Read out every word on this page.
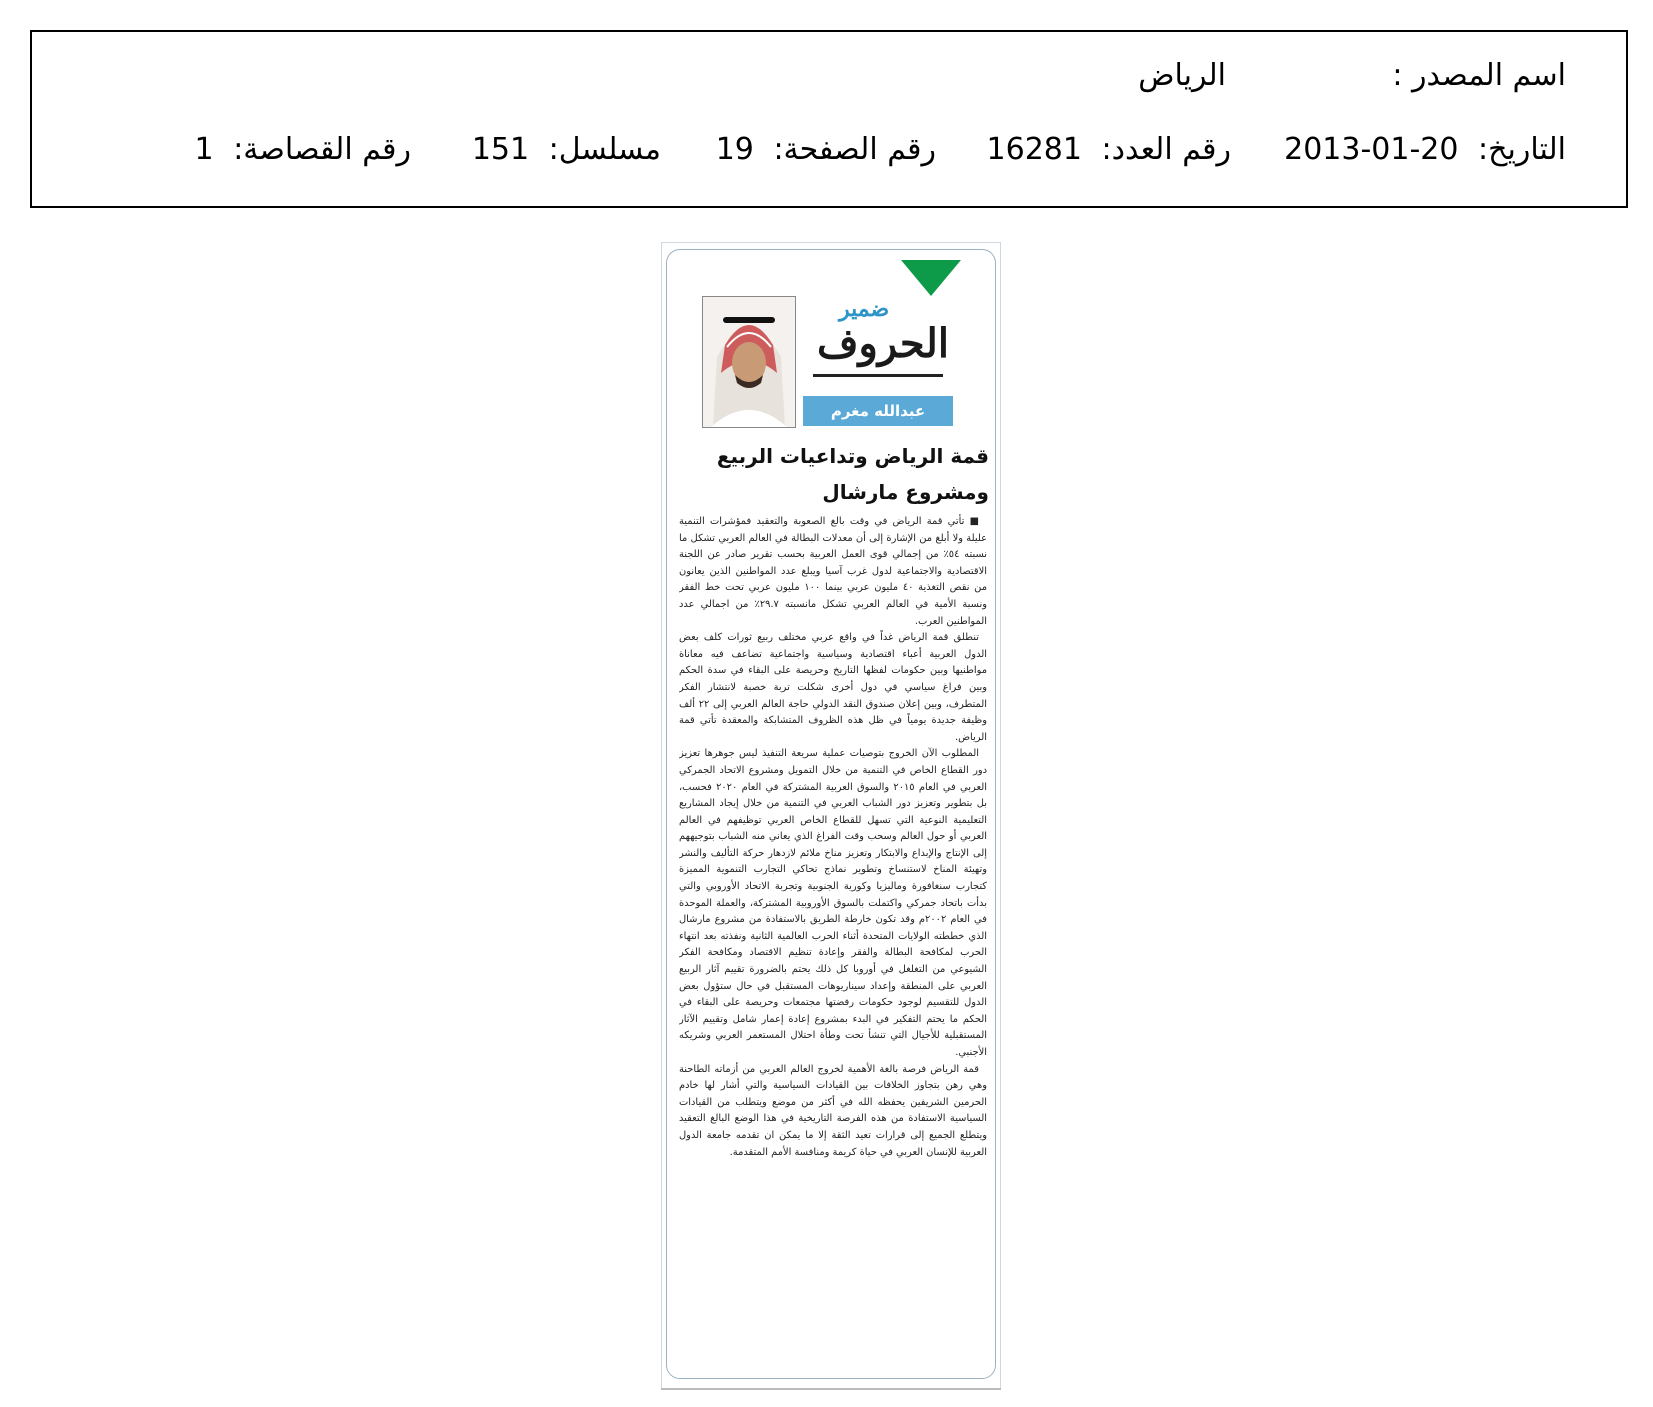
اسم المصدر :
الرياض
التاريخ: 2013-01-20
رقم العدد: 16281
رقم الصفحة: 19
مسلسل: 151
رقم القصاصة: 1
ضمير
الحروف
عبدالله مغرم
قمة الرياض وتداعيات الربيع
ومشروع مارشال

■ تأتي قمة الرياض في وقت بالغ الصعوبة والتعقيد فمؤشرات التنمية عليلة ولا أبلغ من الإشارة إلى أن معدلات البطالة في العالم العربي تشكل ما نسبته ٥٤٪ من إجمالي قوى العمل العربية بحسب تقرير صادر عن اللجنة الاقتصادية والاجتماعية لدول غرب آسيا ويبلغ عدد المواطنين الذين يعانون من نقص التغذية ٤٠ مليون عربي بينما ١٠٠ مليون عربي تحت خط الفقر ونسبة الأمية في العالم العربي تشكل مانسبته ٢٩.٧٪ من اجمالي عدد المواطنين العرب.

تنطلق قمة الرياض غداً في واقع عربي مختلف ربيع ثورات كلف بعض الدول العربية أعباء اقتصادية وسياسية واجتماعية تضاعف فيه معاناة مواطنيها وبين حكومات لفظها التاريخ وحريصة على البقاء في سدة الحكم وبين فراغ سياسي في دول أخرى شكلت تربة خصبة لانتشار الفكر المتطرف، وبين إعلان صندوق النقد الدولي حاجة العالم العربي إلى ٢٢ ألف وظيفة جديدة يومياً في ظل هذه الظروف المتشابكة والمعقدة تأتي قمة الرياض.

المطلوب الآن الخروج بتوصيات عملية سريعة التنفيذ ليس جوهرها تعزيز دور القطاع الخاص في التنمية من خلال التمويل ومشروع الاتحاد الجمركي العربي في العام ٢٠١٥ والسوق العربية المشتركة في العام ٢٠٢٠ فحسب، بل بتطوير وتعزيز دور الشباب العربي في التنمية من خلال إيجاد المشاريع التعليمية النوعية التي تسهل للقطاع الخاص العربي توظيفهم في العالم العربي أو حول العالم وسحب وقت الفراغ الذي يعاني منه الشباب بتوجيههم إلى الإنتاج والإبداع والابتكار وتعزيز مناخ ملائم لازدهار حركة التأليف والنشر وتهيئة المناخ لاستنساخ وتطوير نماذج تحاكي التجارب التنموية المميزة كتجارب سنغافورة وماليزيا وكورية الجنوبية وتجربة الاتحاد الأوروبي والتي بدأت باتحاد جمركي واكتملت بالسوق الأوروبية المشتركة، والعملة الموحدة في العام ٢٠٠٢م وقد تكون خارطة الطريق بالاستفادة من مشروع مارشال الذي خططته الولايات المتحدة أثناء الحرب العالمية الثانية ونفذته بعد انتهاء الحرب لمكافحة البطالة والفقر وإعادة تنظيم الاقتصاد ومكافحة الفكر الشيوعي من التغلغل في أوروبا كل ذلك يحتم بالضرورة تقييم آثار الربيع العربي على المنطقة وإعداد سيناريوهات المستقبل في حال ستؤول بعض الدول للتقسيم لوجود حكومات رفضتها مجتمعات وحريصة على البقاء في الحكم ما يحتم التفكير في البدء بمشروع إعادة إعمار شامل وتقييم الآثار المستقبلية للأجيال التي تنشأ تحت وطأة احتلال المستعمر العربي وشريكه الأجنبي.

قمة الرياض فرصة بالغة الأهمية لخروج العالم العربي من أزماته الطاحنة وهي رهن بتجاوز الخلافات بين القيادات السياسية والتي أشار لها خادم الحرمين الشريفين يحفظه الله في أكثر من موضع ويتطلب من القيادات السياسية الاستفادة من هذه الفرصة التاريخية في هذا الوضع البالغ التعقيد ويتطلع الجميع إلى قرارات تعيد الثقة إلا ما يمكن ان تقدمه جامعة الدول العربية للإنسان العربي في حياة كريمة ومنافسة الأمم المتقدمة.
